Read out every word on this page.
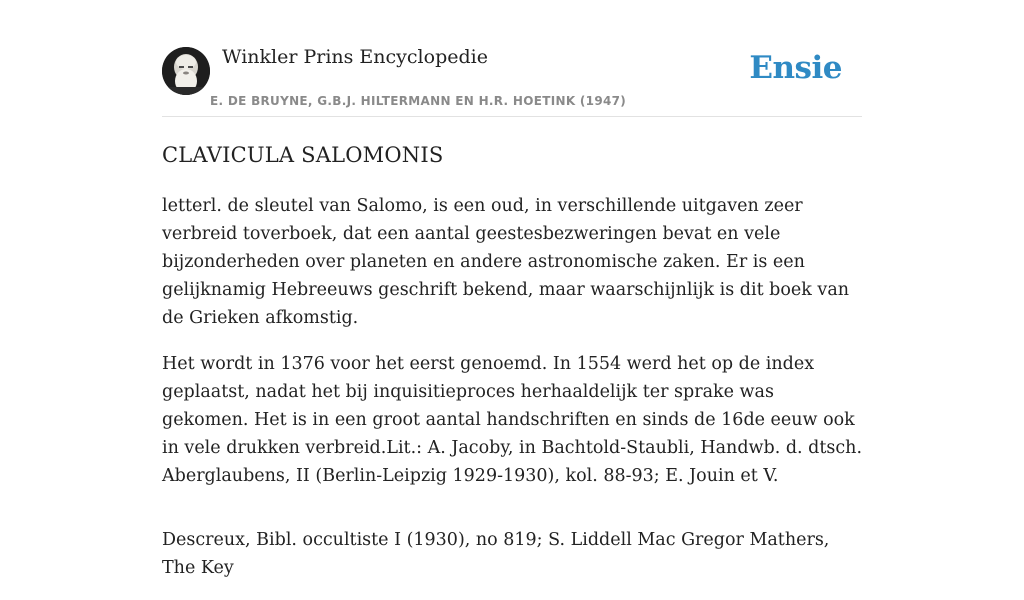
Winkler Prins Encyclopedie
E. DE BRUYNE, G.B.J. HILTERMANN EN H.R. HOETINK (1947)
Ensie
CLAVICULA SALOMONIS

letterl. de sleutel van Salomo, is een oud, in verschillende uitgaven zeer verbreid toverboek, dat een aantal geestesbezweringen bevat en vele bijzonderheden over planeten en andere astronomische zaken. Er is een gelijknamig Hebreeuws geschrift bekend, maar waarschijnlijk is dit boek van de Grieken afkomstig.

Het wordt in 1376 voor het eerst genoemd. In 1554 werd het op de index geplaatst, nadat het bij inquisitieproces herhaaldelijk ter sprake was gekomen. Het is in een groot aantal handschriften en sinds de 16de eeuw ook in vele drukken verbreid.Lit.: A. Jacoby, in Bachtold-Staubli, Handwb. d. dtsch. Aberglaubens, II (Berlin-Leipzig 1929-1930), kol. 88-93; E. Jouin et V.

Descreux, Bibl. occultiste I (1930), no 819; S. Liddell Mac Gregor Mathers, The Key
